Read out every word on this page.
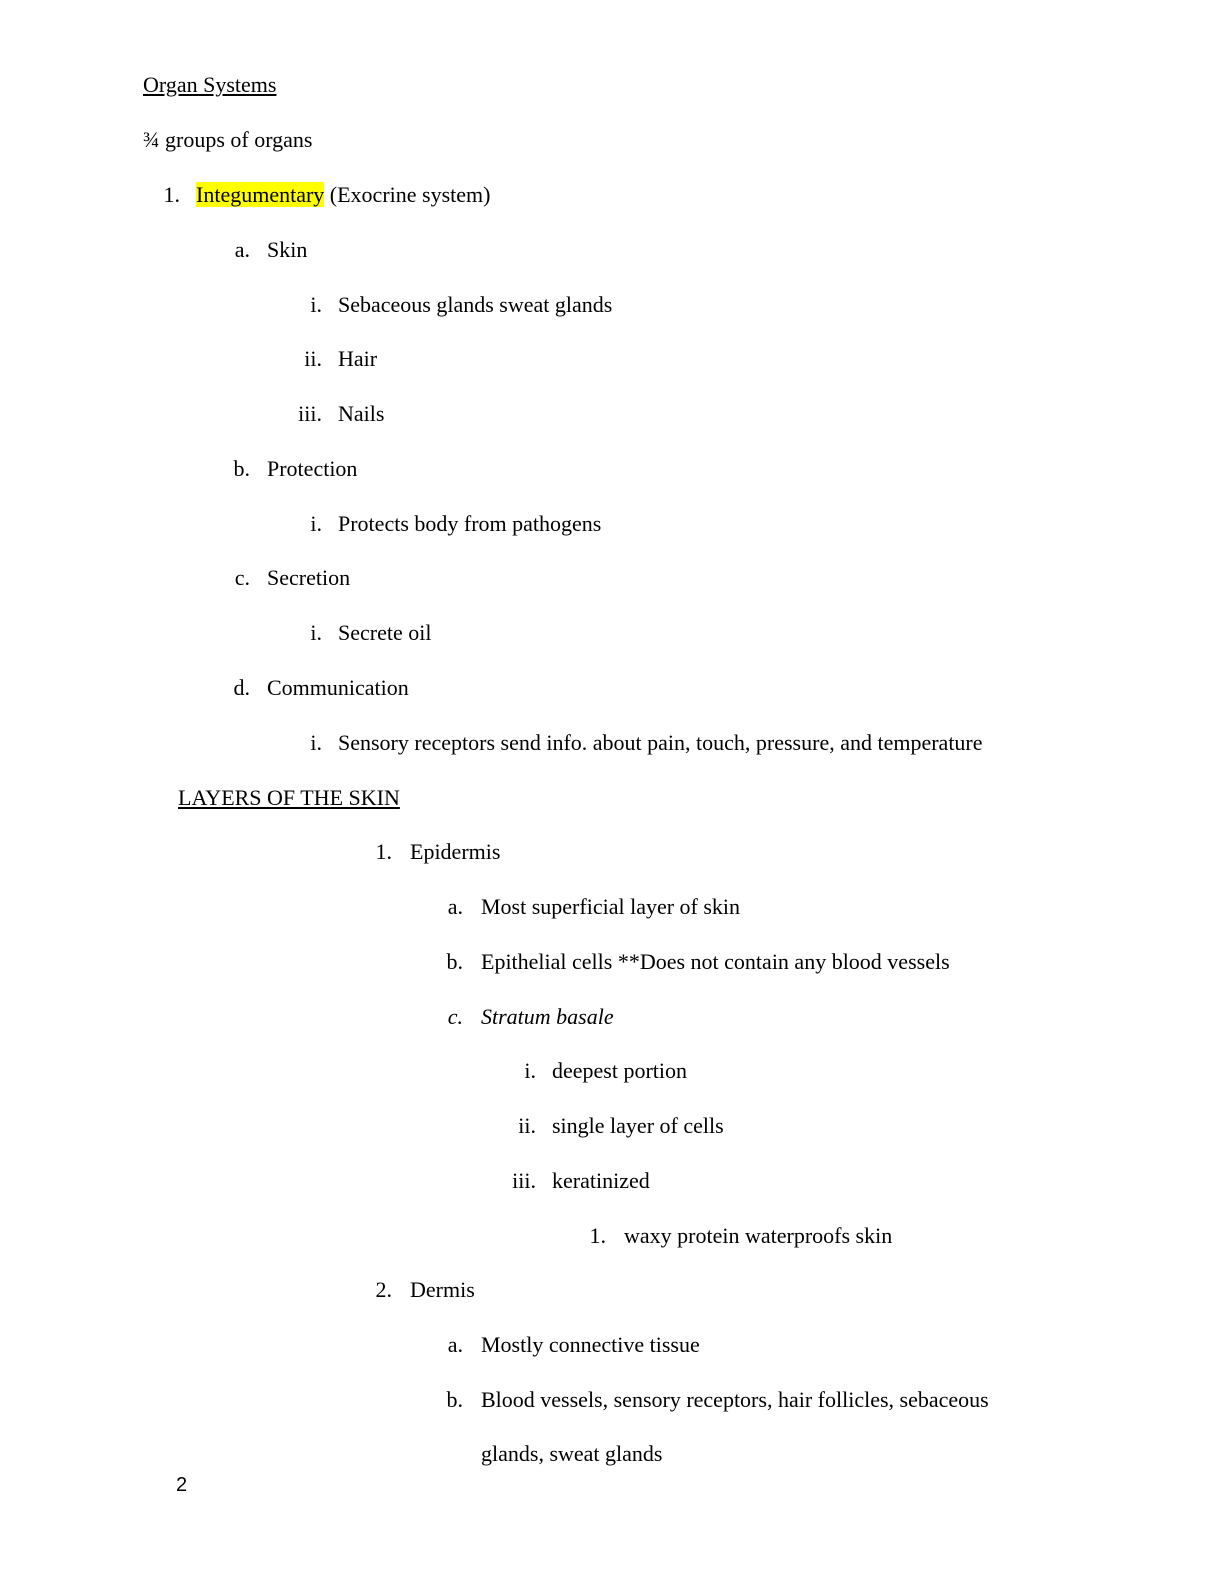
Organ Systems
¾ groups of organs
1. Integumentary (Exocrine system)
a. Skin
i. Sebaceous glands sweat glands
ii. Hair
iii. Nails
b. Protection
i. Protects body from pathogens
c. Secretion
i. Secrete oil
d. Communication
i. Sensory receptors send info. about pain, touch, pressure, and temperature
LAYERS OF THE SKIN
1. Epidermis
a. Most superficial layer of skin
b. Epithelial cells **Does not contain any blood vessels
c. Stratum basale
i. deepest portion
ii. single layer of cells
iii. keratinized
1. waxy protein waterproofs skin
2. Dermis
a. Mostly connective tissue
b. Blood vessels, sensory receptors, hair follicles, sebaceous
glands, sweat glands
2
